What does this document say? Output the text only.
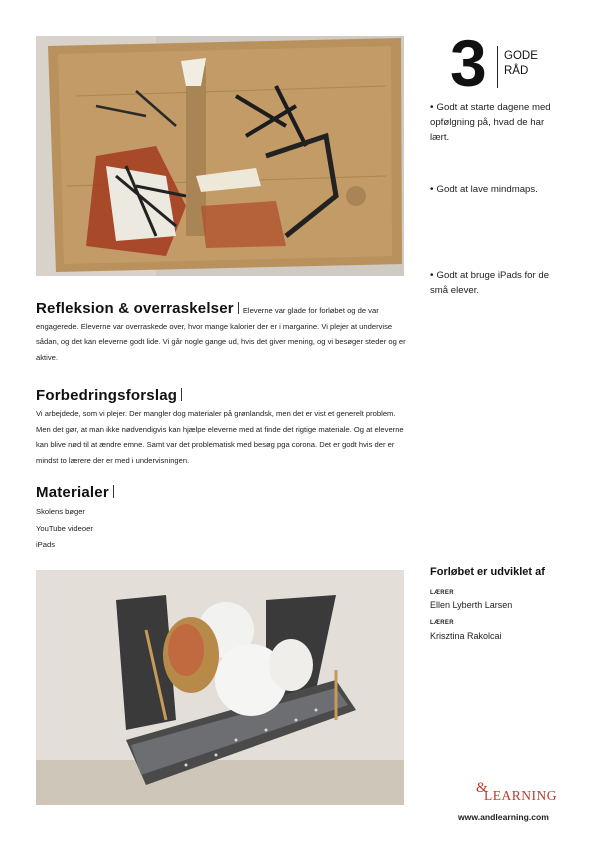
3 GODE
RÅD
• Godt at starte dagene med opfølgning på, hvad de har lært.
• Godt at lave mindmaps.
• Godt at bruge iPads for de små elever.
Refleksion & overraskelser Eleverne var glade for forløbet og de var engagerede. Eleverne var overraskede over, hvor mange kalorier der er i margarine. Vi plejer at undervise sådan, og det kan eleverne godt lide. Vi går nogle gange ud, hvis det giver mening, og vi besøger steder og er aktive.
Forbedringsforslag
Vi arbejdede, som vi plejer. Der mangler dog materialer på grønlandsk, men det er vist et generelt problem. Men det gør, at man ikke nødvendigvis kan hjælpe eleverne med at finde det rigtige materiale. Og at eleverne kan blive nød til at ændre emne. Samt var det problematisk med besøg pga corona. Det er godt hvis der er mindst to lærere der er med i undervisningen.
Materialer
Skolens bøger
YouTube videoer
iPads
Forløbet er udviklet af
LÆRER
Ellen Lyberth Larsen
LÆRER
Krisztina Rakolcai
&
LEARNING
www.andlearning.com
